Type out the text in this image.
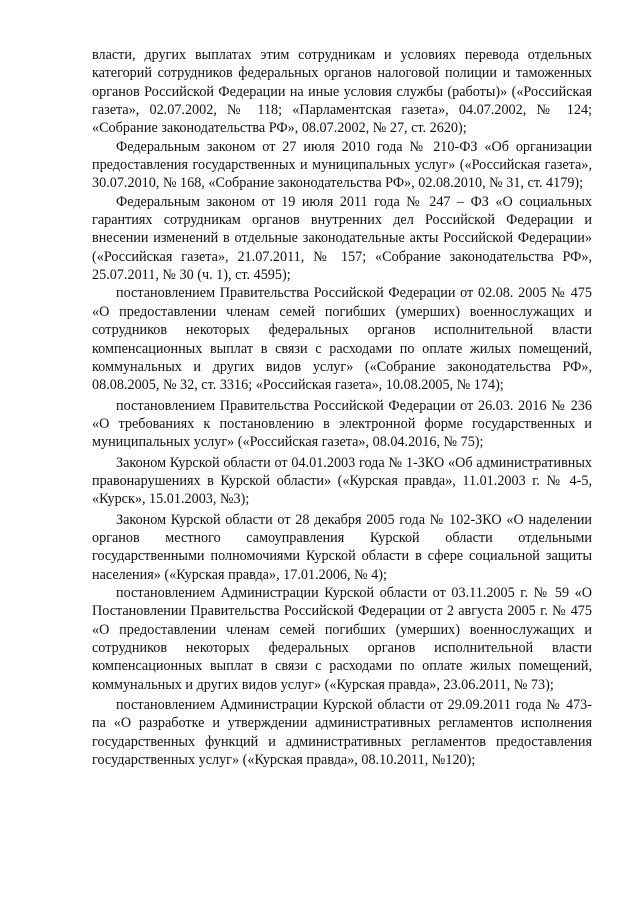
власти, других выплатах этим сотрудникам и условиях перевода отдельных категорий сотрудников федеральных органов налоговой полиции и таможенных органов Российской Федерации на иные условия службы (работы)» («Российская газета», 02.07.2002, № 118; «Парламентская газета», 04.07.2002, № 124; «Собрание законодательства РФ», 08.07.2002, № 27, ст. 2620);

Федеральным законом от 27 июля 2010 года № 210-ФЗ «Об организации предоставления государственных и муниципальных услуг» («Российская газета», 30.07.2010, № 168, «Собрание законодательства РФ», 02.08.2010, № 31, ст. 4179);

Федеральным законом от 19 июля 2011 года № 247 – ФЗ «О социальных гарантиях сотрудникам органов внутренних дел Российской Федерации и внесении изменений в отдельные законодательные акты Российской Федерации» («Российская газета», 21.07.2011, № 157; «Собрание законодательства РФ», 25.07.2011, № 30 (ч. 1), ст. 4595);

постановлением Правительства Российской Федерации от 02.08. 2005 № 475 «О предоставлении членам семей погибших (умерших) военнослужащих и сотрудников некоторых федеральных органов исполнительной власти компенсационных выплат в связи с расходами по оплате жилых помещений, коммунальных и других видов услуг» («Собрание законодательства РФ», 08.08.2005, № 32, ст. 3316; «Российская газета», 10.08.2005, № 174);

постановлением Правительства Российской Федерации от 26.03. 2016 № 236 «О требованиях к постановлению в электронной форме государственных и муниципальных услуг» («Российская газета», 08.04.2016, № 75);

Законом Курской области от 04.01.2003 года № 1-ЗКО «Об административных правонарушениях в Курской области» («Курская правда», 11.01.2003 г. № 4-5, «Курск», 15.01.2003, №3);

Законом Курской области от 28 декабря 2005 года № 102-ЗКО «О наделении органов местного самоуправления Курской области отдельными государственными полномочиями Курской области в сфере социальной защиты населения» («Курская правда», 17.01.2006, № 4);

постановлением Администрации Курской области от 03.11.2005 г. № 59 «О Постановлении Правительства Российской Федерации от 2 августа 2005 г. № 475 «О предоставлении членам семей погибших (умерших) военнослужащих и сотрудников некоторых федеральных органов исполнительной власти компенсационных выплат в связи с расходами по оплате жилых помещений, коммунальных и других видов услуг» («Курская правда», 23.06.2011, № 73);

постановлением Администрации Курской области от 29.09.2011 года № 473-па «О разработке и утверждении административных регламентов исполнения государственных функций и административных регламентов предоставления государственных услуг» («Курская правда», 08.10.2011, №120);
